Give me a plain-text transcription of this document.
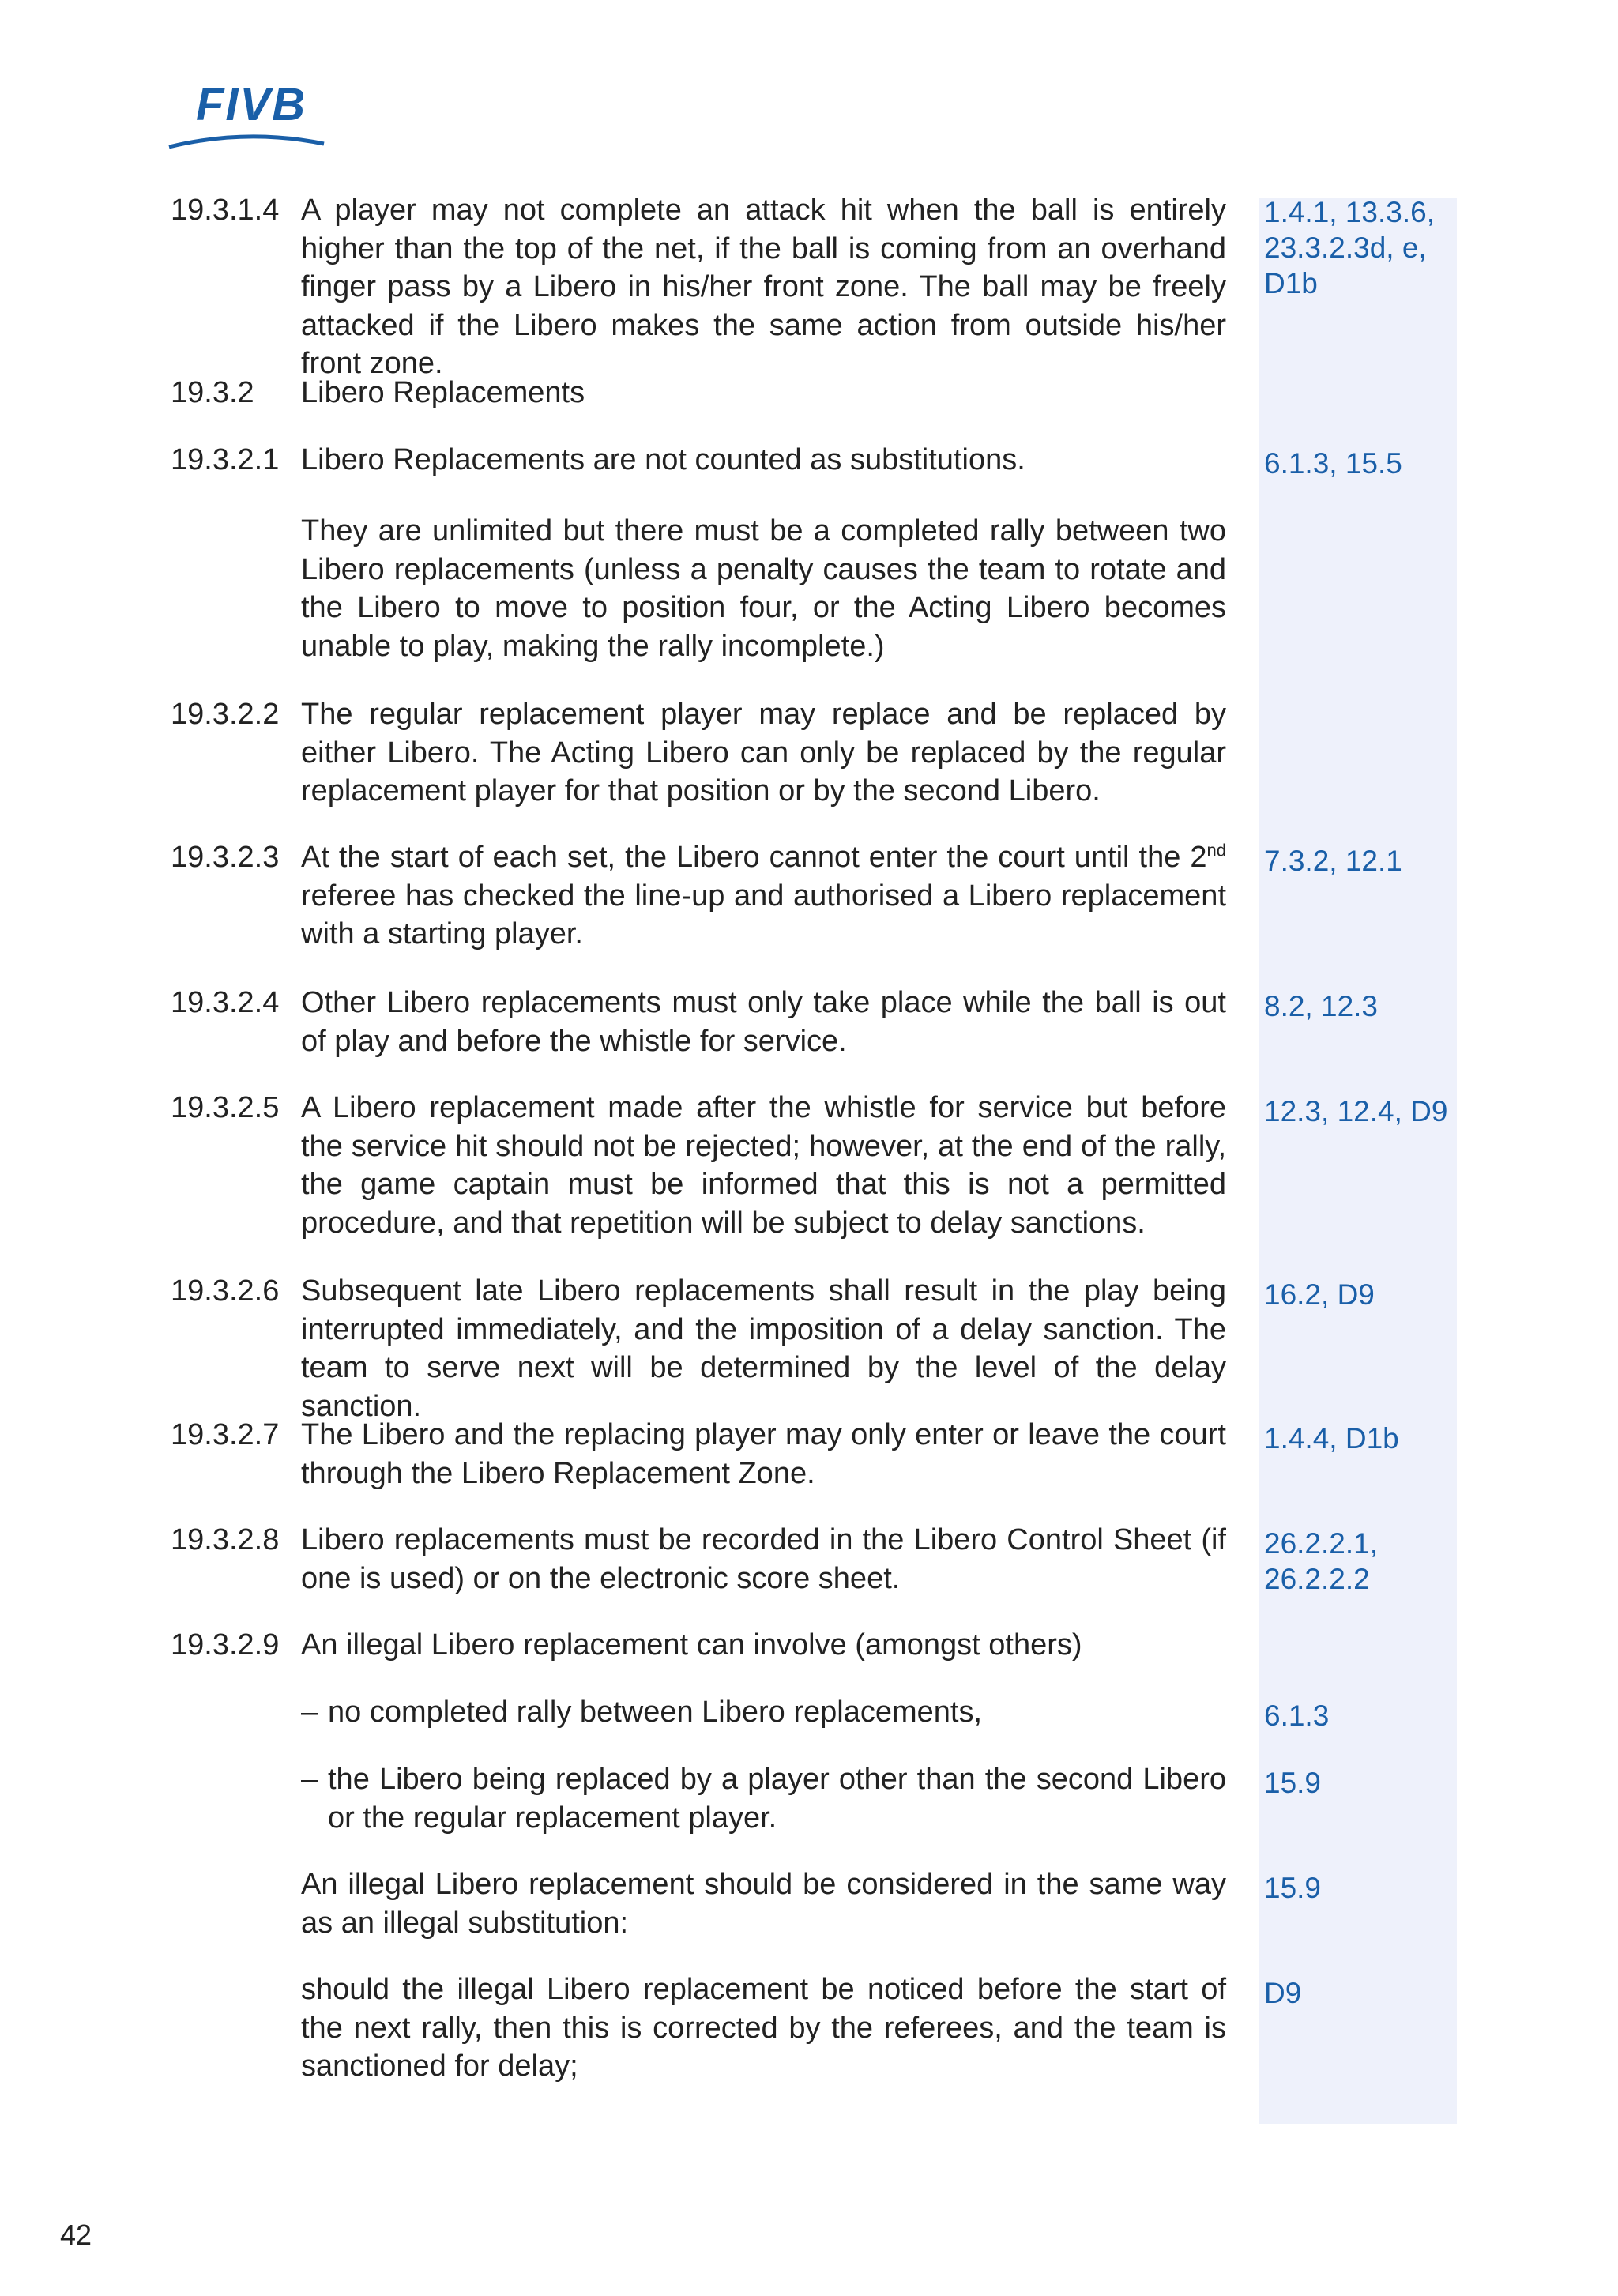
FIVB
19.3.1.4 A player may not complete an attack hit when the ball is entirely higher than the top of the net, if the ball is coming from an overhand finger pass by a Libero in his/her front zone. The ball may be freely attacked if the Libero makes the same action from outside his/her front zone.
1.4.1, 13.3.6, 23.3.2.3d, e, D1b
19.3.2 Libero Replacements
19.3.2.1 Libero Replacements are not counted as substitutions.	6.1.3, 15.5
They are unlimited but there must be a completed rally between two Libero replacements (unless a penalty causes the team to rotate and the Libero to move to position four, or the Acting Libero becomes unable to play, making the rally incomplete.)
19.3.2.2 The regular replacement player may replace and be replaced by either Libero. The Acting Libero can only be replaced by the regular replacement player for that position or by the second Libero.
19.3.2.3 At the start of each set, the Libero cannot enter the court until the 2nd referee has checked the line-up and authorised a Libero replacement with a starting player.
7.3.2, 12.1
19.3.2.4 Other Libero replacements must only take place while the ball is out of play and before the whistle for service.
8.2, 12.3
19.3.2.5 A Libero replacement made after the whistle for service but before the service hit should not be rejected; however, at the end of the rally, the game captain must be informed that this is not a permitted procedure, and that repetition will be subject to delay sanctions.
12.3, 12.4, D9
19.3.2.6 Subsequent late Libero replacements shall result in the play being interrupted immediately, and the imposition of a delay sanction. The team to serve next will be determined by the level of the delay sanction.
16.2, D9
19.3.2.7 The Libero and the replacing player may only enter or leave the court through the Libero Replacement Zone.
1.4.4, D1b
19.3.2.8 Libero replacements must be recorded in the Libero Control Sheet (if one is used) or on the electronic score sheet.
26.2.2.1, 26.2.2.2
19.3.2.9 An illegal Libero replacement can involve (amongst others)
– no completed rally between Libero replacements,	6.1.3
– the Libero being replaced by a player other than the second Libero or the regular replacement player.
15.9
An illegal Libero replacement should be considered in the same way as an illegal substitution:
15.9
should the illegal Libero replacement be noticed before the start of the next rally, then this is corrected by the referees, and the team is sanctioned for delay;
D9
42
